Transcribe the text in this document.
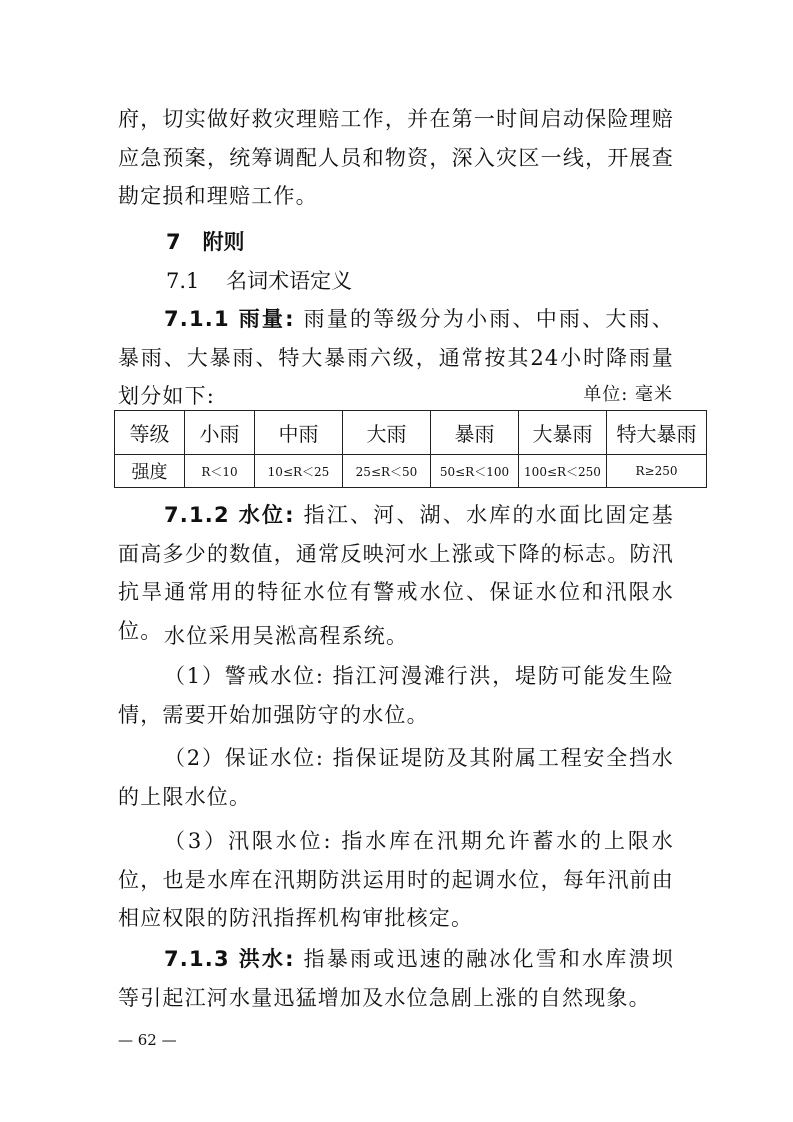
府，切实做好救灾理赔工作，并在第一时间启动保险理赔应急预案，统筹调配人员和物资，深入灾区一线，开展查勘定损和理赔工作。

7 附则
7.1 名词术语定义

7.1.1 雨量: 雨量的等级分为小雨、中雨、大雨、暴雨、大暴雨、特大暴雨六级，通常按其24小时降雨量划分如下:	单位: 毫米
等级	小雨	中雨	大雨	暴雨	大暴雨	特大暴雨
强度	R＜10	10≤R＜25	25≤R＜50	50≤R＜100	100≤R＜250	R≥250

7.1.2 水位: 指江、河、湖、水库的水面比固定基面高多少的数值，通常反映河水上涨或下降的标志。防汛抗旱通常用的特征水位有警戒水位、保证水位和汛限水位。 水位采用吴淞高程系统。

（1）警戒水位: 指江河漫滩行洪，堤防可能发生险情，需要开始加强防守的水位。

（2）保证水位: 指保证堤防及其附属工程安全挡水的上限水位。

（3）汛限水位: 指水库在汛期允许蓄水的上限水位，也是水库在汛期防洪运用时的起调水位，每年汛前由相应权限的防汛指挥机构审批核定。

7.1.3 洪水: 指暴雨或迅速的融冰化雪和水库溃坝等引起江河水量迅猛增加及水位急剧上涨的自然现象。

— 62 —
